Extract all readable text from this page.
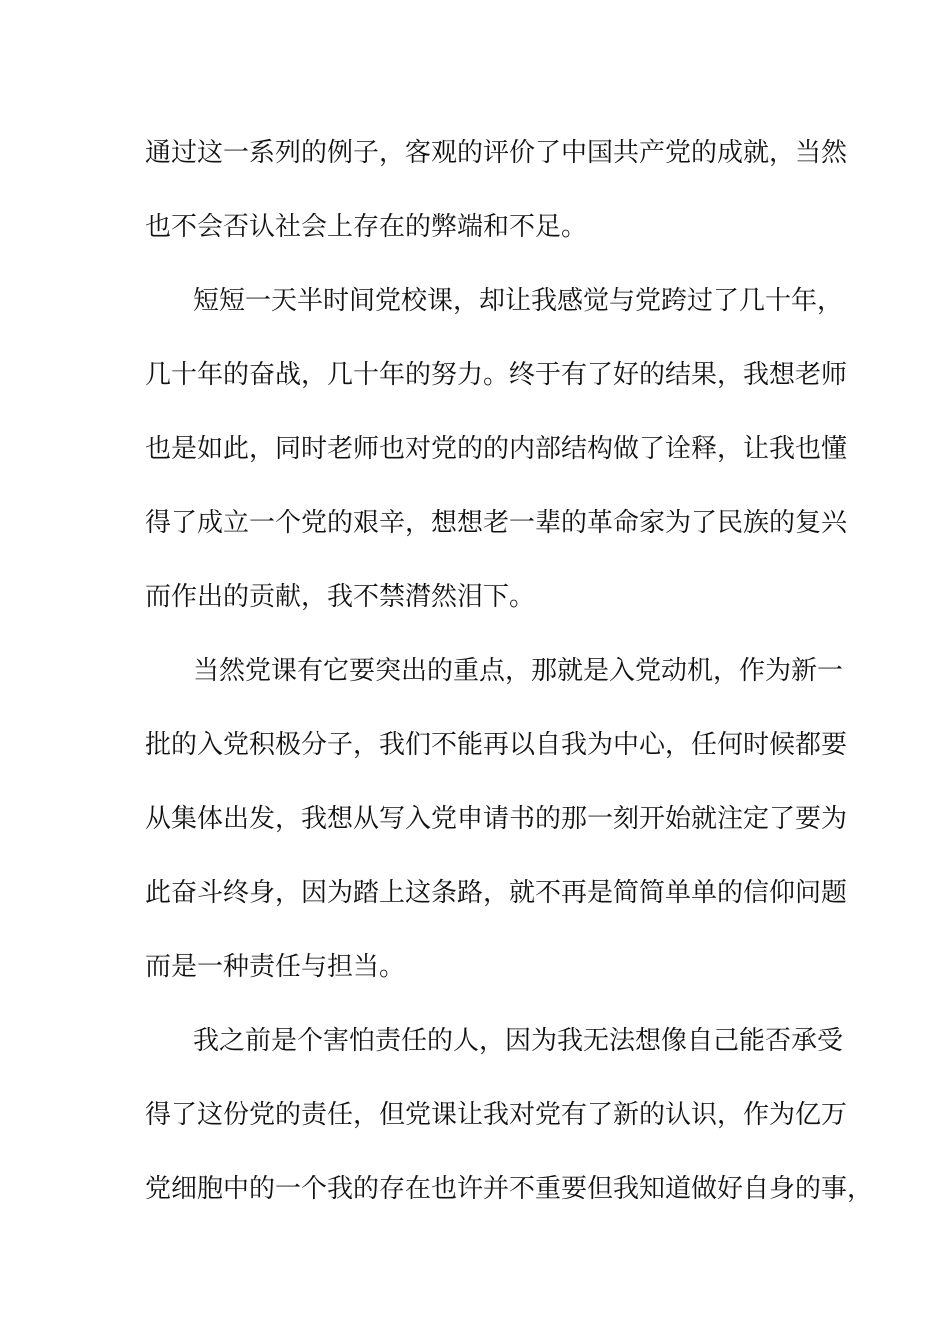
通过这一系列的例子，客观的评价了中国共产党的成就，当然
也不会否认社会上存在的弊端和不足。
短短一天半时间党校课，却让我感觉与党跨过了几十年，
几十年的奋战，几十年的努力。终于有了好的结果，我想老师
也是如此，同时老师也对党的的内部结构做了诠释，让我也懂
得了成立一个党的艰辛，想想老一辈的革命家为了民族的复兴
而作出的贡献，我不禁潸然泪下。
当然党课有它要突出的重点，那就是入党动机，作为新一
批的入党积极分子，我们不能再以自我为中心，任何时候都要
从集体出发，我想从写入党申请书的那一刻开始就注定了要为
此奋斗终身，因为踏上这条路，就不再是简简单单的信仰问题
而是一种责任与担当。
我之前是个害怕责任的人，因为我无法想像自己能否承受
得了这份党的责任，但党课让我对党有了新的认识，作为亿万
党细胞中的一个我的存在也许并不重要但我知道做好自身的事，
